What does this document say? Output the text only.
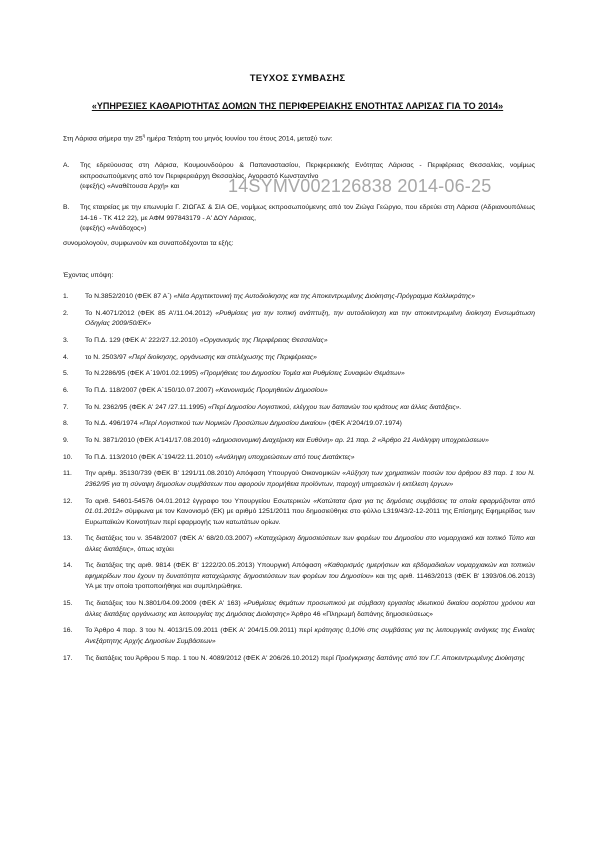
ΤΕΥΧΟΣ ΣΥΜΒΑΣΗΣ
«ΥΠΗΡΕΣΙΕΣ ΚΑΘΑΡΙΟΤΗΤΑΣ ΔΟΜΩΝ ΤΗΣ ΠΕΡΙΦΕΡΕΙΑΚΗΣ ΕΝΟΤΗΤΑΣ ΛΑΡΙΣΑΣ ΓΙΑ ΤΟ 2014»
Στη Λάρισα σήμερα την $25^\eta$ ημέρα Τετάρτη του μηνός Ιουνίου του έτους 2014, μεταξύ των:
Α. Της εδρεύουσας στη Λάρισα, Κουμουνδούρου & Παπαναστασίου, Περιφερειακής Ενότητας Λάρισας - Περιφέρειας Θεσσαλίας, νομίμως εκπροσωπούμενης από τον Περιφερειάρχη Θεσσαλίας, Αγοραστό Κωνσταντίνο
(εφεξής) «Αναθέτουσα Αρχή» και	14SYMV002126838 2014-06-25
Β. Της εταιρείας με την επωνυμία Γ. ΖΙΩΓΑΣ & ΣΙΑ ΟΕ, νομίμως εκπροσωπούμενης από τον Ζιώγα Γεώργιο, που εδρεύει στη Λάρισα (Αδριανουπόλεως 14-16 - ΤΚ 412 22), με ΑΦΜ 997843179 - Α' ΔΟΥ Λάρισας,
(εφεξής) «Ανάδοχος»)
συνομολογούν, συμφωνούν και συναποδέχονται τα εξής:
Έχοντας υπόψη:
1. Το Ν.3852/2010 (ΦΕΚ 87 Α΄) «Νέα Αρχιτεκτονική της Αυτοδιοίκησης και της Αποκεντρωμένης Διοίκησης-Πρόγραμμα Καλλικράτης»
2. Το Ν.4071/2012 (ΦΕΚ 85 Α'/11.04.2012) «Ρυθμίσεις για την τοπική ανάπτυξη, την αυτοδιοίκηση και την αποκεντρωμένη διοίκηση Ενσωμάτωση Οδηγίας 2009/50/ΕΚ»
3. Το Π.Δ. 129 (ΦΕΚ Α' 222/27.12.2010) «Οργανισμός της Περιφέρειας Θεσσαλίας»
4. το Ν. 2503/97 «Περί διοίκησης, οργάνωσης και στελέχωσης της Περιφέρειας»
5. Το Ν.2286/95 (ΦΕΚ Α΄19/01.02.1995) «Προμήθειες του Δημοσίου Τομέα και Ρυθμίσεις Συναφών Θεμάτων»
6. Το Π.Δ. 118/2007 (ΦΕΚ Α΄150/10.07.2007) «Κανονισμός Προμηθειών Δημοσίου»
7. Το Ν. 2362/95 (ΦΕΚ Α' 247 /27.11.1995) «Περί Δημοσίου Λογιστικού, ελέγχου των δαπανών του κράτους και άλλες διατάξεις».
8. Το Ν.Δ. 496/1974 «Περί Λογιστικού των Νομικών Προσώπων Δημοσίου Δικαίου» (ΦΕΚ Α'204/19.07.1974)
9. Το Ν. 3871/2010 (ΦΕΚ Α'141/17.08.2010) «Δημοσιονομική Διαχείριση και Ευθύνη» αρ. 21 παρ. 2 «Άρθρο 21 Ανάληψη υποχρεώσεων»
10. Το Π.Δ. 113/2010 (ΦΕΚ Α΄194/22.11.2010) «Ανάληψη υποχρεώσεων από τους Διατάκτες»
11. Την αριθμ. 35130/739 (ΦΕΚ Β' 1291/11.08.2010) Απόφαση Υπουργού Οικονομικών «Αύξηση των χρηματικών ποσών του άρθρου 83 παρ. 1 του Ν. 2362/95 για τη σύναψη δημοσίων συμβάσεων που αφορούν προμήθεια προϊόντων, παροχή υπηρεσιών ή εκτέλεση έργων»
12. Το αριθ. 54601-54576 04.01.2012 έγγραφο του Υπουργείου Εσωτερικών «Κατώτατα όρια για τις δημόσιες συμβάσεις τα οποία εφαρμόζονται από 01.01.2012» σύμφωνα με τον Κανονισμό (ΕΚ) με αριθμό 1251/2011 που δημοσιεύθηκε στο φύλλο L319/43/2-12-2011 της Επίσημης Εφημερίδας των Ευρωπαϊκών Κοινοτήτων περί εφαρμογής των κατωτάτων ορίων.
13. Τις διατάξεις του ν. 3548/2007 (ΦΕΚ Α' 68/20.03.2007) «Καταχώριση δημοσιεύσεων των φορέων του Δημοσίου στο νομαρχιακό και τοπικό Τύπο και άλλες διατάξεις», όπως ισχύει
14. Τις διατάξεις της αριθ. 9814 (ΦΕΚ Β' 1222/20.05.2013) Υπουργική Απόφαση «Καθορισμός ημερήσιων και εβδομαδιαίων νομαρχιακών και τοπικών εφημερίδων που έχουν τη δυνατότητα καταχώρισης δημοσιεύσεων των φορέων του Δημοσίου» και της αριθ. 11463/2013 (ΦΕΚ Β' 1393/06.06.2013) ΥΑ με την οποία τροποποιήθηκε και συμπληρώθηκε.
15. Τις διατάξεις του Ν.3801/04.09.2009 (ΦΕΚ Α' 163) «Ρυθμίσεις θεμάτων προσωπικού με σύμβαση εργασίας ιδιωτικού δικαίου αορίστου χρόνου και άλλες διατάξεις οργάνωσης και λειτουργίας της Δημόσιας Διοίκησης» Άρθρο 46 «Πληρωμή δαπάνης δημοσιεύσεως»
16. Το Άρθρο 4 παρ. 3 του Ν. 4013/15.09.2011 (ΦΕΚ Α' 204/15.09.2011) περί κράτησης 0,10% στις συμβάσεις για τις λειτουργικές ανάγκες της Ενιαίας Ανεξάρτητης Αρχής Δημοσίων Συμβάσεων»
17. Τις διατάξεις του Άρθρου 5 παρ. 1 του Ν. 4089/2012 (ΦΕΚ Α' 206/26.10.2012) περί Προέγκρισης δαπάνης από τον Γ.Γ. Αποκεντρωμένης Διοίκησης
